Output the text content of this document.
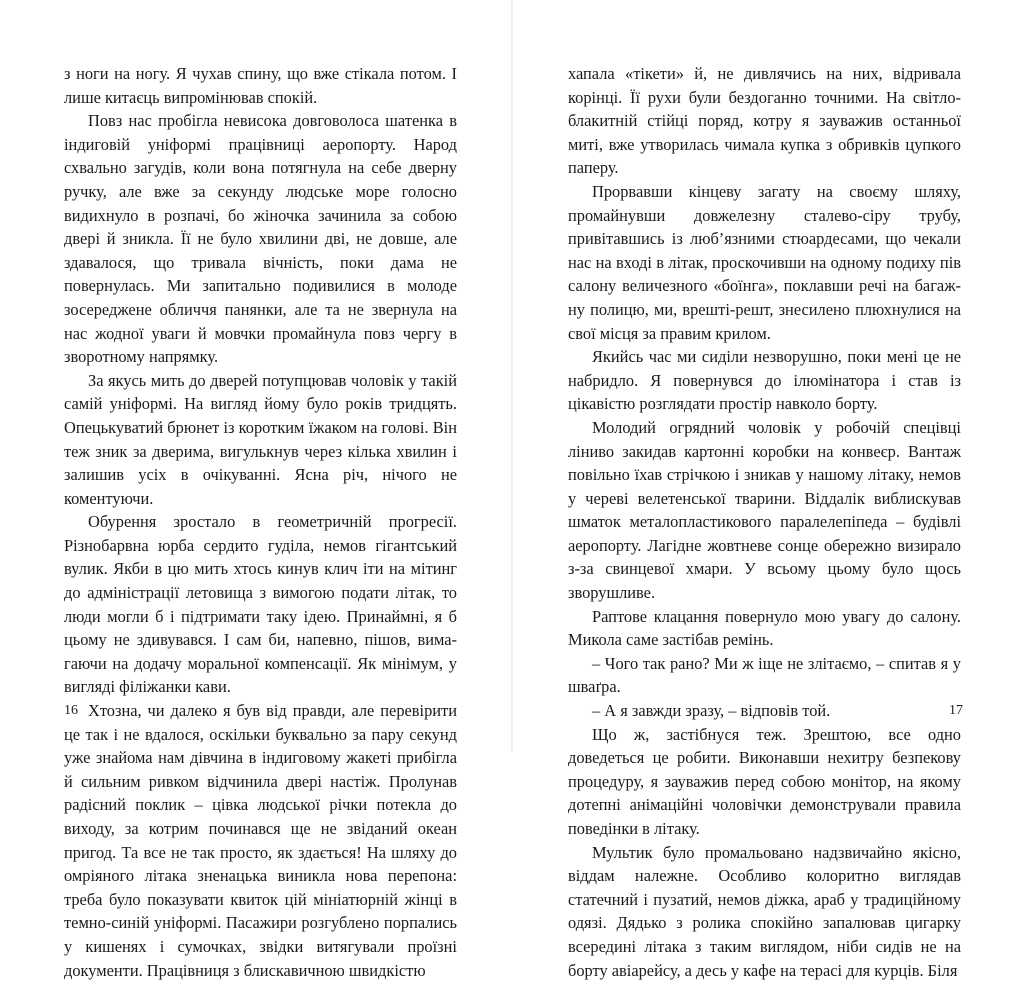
з ноги на ногу. Я чухав спину, що вже стікала потом. І лише китаєць випромінював спокій.

Повз нас пробігла невисока довговолоса шатенка в індиговій уніформі працівниці аеропорту. Народ схвально загудів, коли вона потягнула на себе дверну ручку, але вже за секунду людське море голосно видихнуло в розпачі, бо жіночка зачинила за собою двері й зникла. Її не було хвилини дві, не довше, але здавалося, що тривала вічність, поки дама не повернулась. Ми запитально подивилися в молоде зосереджене обличчя панянки, але та не звернула на нас жодної уваги й мовчки промайнула повз чергу в зворотному напрямку.

За якусь мить до дверей потупцював чоловік у такій самій уніформі. На вигляд йому було років тридцять. Опецькуватий брюнет із коротким їжаком на голові. Він теж зник за дверима, вигулькнув через кілька хвилин і залишив усіх в очікуванні. Ясна річ, нічого не коментуючи.

Обурення зростало в геометричній прогресії. Різнобарвна юрба сердито гуділа, немов гігантський вулик. Якби в цю мить хтось кинув клич іти на мітинг до адміністрації летовища з вимогою подати літак, то люди могли б і підтримати таку ідею. Принаймні, я б цьому не здивувався. І сам би, напевно, пішов, вимагаючи на додачу моральної компенсації. Як мінімум, у вигляді філіжанки кави.

Хтозна, чи далеко я був від правди, але перевірити це так і не вдалося, оскільки буквально за пару секунд уже знайома нам дівчина в індиговому жакеті прибігла й сильним ривком відчинила двері настіж. Пролунав радісний поклик – цівка людської річки потекла до виходу, за котрим починався ще не звіданий океан пригод. Та все не так просто, як здається! На шляху до омріяного літака зненацька виникла нова перепона: треба було показувати квиток цій мініатюрній жінці в темно-синій уніформі. Пасажири розгублено порпались у кишенях і сумочках, звідки витягували проїзні документи. Працівниця з блискавичною швидкістю

16

хапала «тікети» й, не дивлячись на них, відривала корінці. Її рухи були бездоганно точними. На світло-блакитній стійці поряд, котру я зауважив останньої миті, вже утворилась чимала купка з обривків цупкого паперу.

Прорвавши кінцеву загату на своєму шляху, промайнувши довжелезну сталево-сіру трубу, привітавшись із люб’язними стюардесами, що чекали нас на вході в літак, проскочивши на одному подиху пів салону величезного «боїнга», поклавши речі на багажну полицю, ми, врешті-решт, знесилено плюхнулися на свої місця за правим крилом.

Якийсь час ми сиділи незворушно, поки мені це не набридло. Я повернувся до ілюмінатора і став із цікавістю розглядати простір навколо борту.

Молодий огрядний чоловік у робочій спецівці ліниво закидав картонні коробки на конвеєр. Вантаж повільно їхав стрічкою і зникав у нашому літаку, немов у череві велетенської тварини. Віддалік виблискував шматок металопластикового паралелепіпеда – будівлі аеропорту. Лагідне жовтневе сонце обережно визирало з-за свинцевої хмари. У всьому цьому було щось зворушливе.

Раптове клацання повернуло мою увагу до салону. Микола саме застібав ремінь.

– Чого так рано? Ми ж іще не злітаємо, – спитав я у шваґра.

– А я завжди зразу, – відповів той.

Що ж, застібнуся теж. Зрештою, все одно доведеться це робити. Виконавши нехитру безпекову процедуру, я зауважив перед собою монітор, на якому дотепні анімаційні чоловічки демонстрували правила поведінки в літаку.

Мультик було промальовано надзвичайно якісно, віддам належне. Особливо колоритно виглядав статечний і пузатий, немов діжка, араб у традиційному одязі. Дядько з ролика спокійно запалював цигарку всередині літака з таким виглядом, ніби сидів не на борту авіарейсу, а десь у кафе на терасі для курців. Біля

17
